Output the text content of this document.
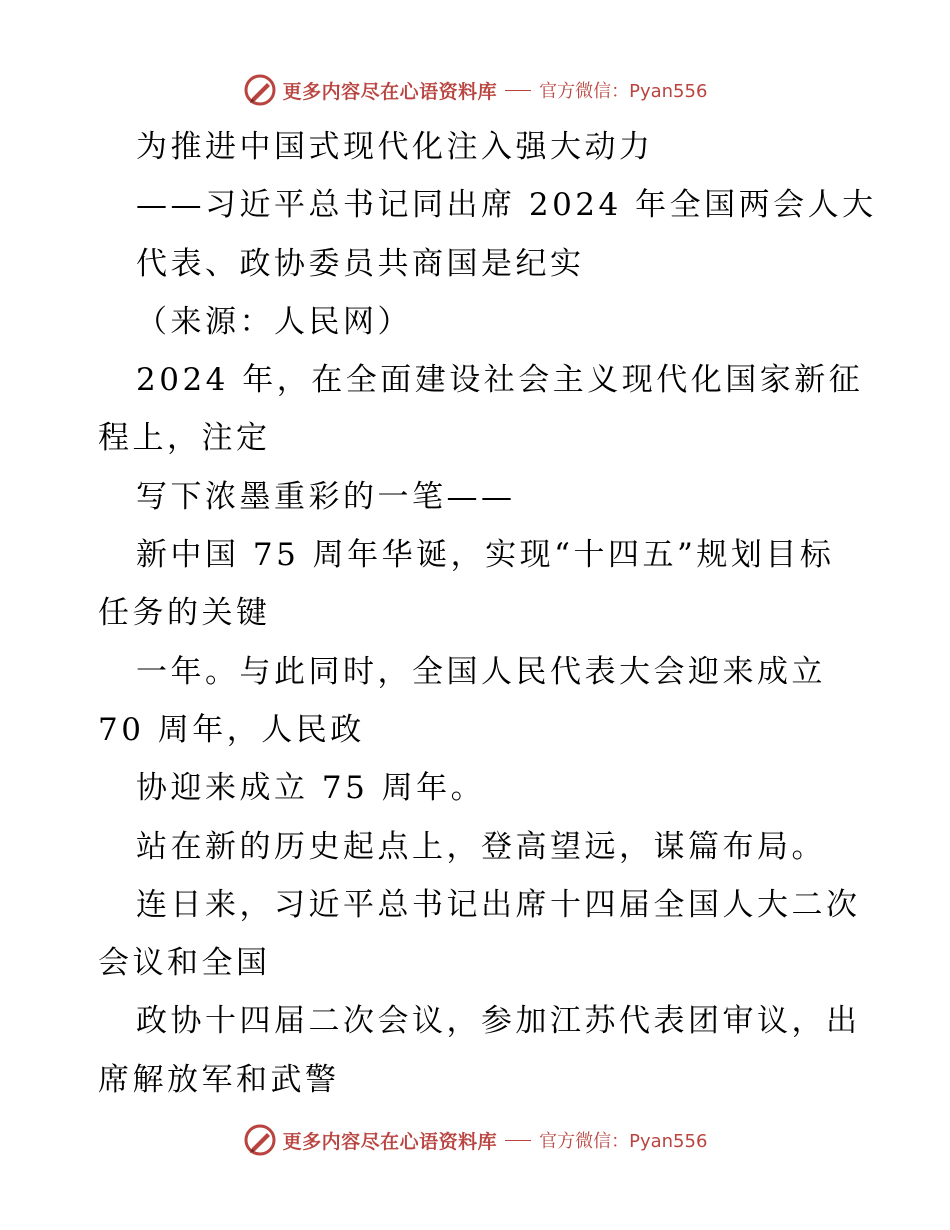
更多内容尽在心语资料库 官方微信：Pyan556

为推进中国式现代化注入强大动力

——习近平总书记同出席 2024 年全国两会人大

代表、政协委员共商国是纪实

（来源：人民网）

2024 年，在全面建设社会主义现代化国家新征

程上，注定

写下浓墨重彩的一笔——

新中国 75 周年华诞，实现“十四五”规划目标

任务的关键

一年。与此同时，全国人民代表大会迎来成立

70 周年，人民政

协迎来成立 75 周年。

站在新的历史起点上，登高望远，谋篇布局。

连日来，习近平总书记出席十四届全国人大二次

会议和全国

政协十四届二次会议，参加江苏代表团审议，出

席解放军和武警

更多内容尽在心语资料库 官方微信：Pyan556
